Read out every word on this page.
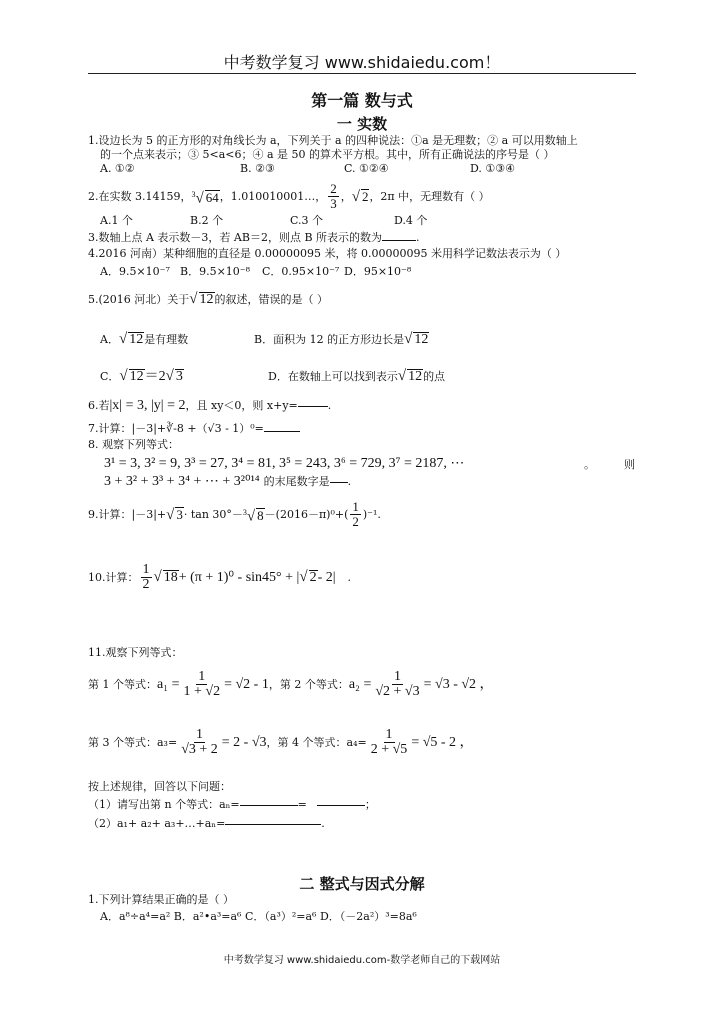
中考数学复习 www.shidaiedu.com！
第一篇 数与式
一 实数
1.设边长为 5 的正方形的对角线长为 a，下列关于 a 的四种说法：①a 是无理数；② a 可以用数轴上
的一个点来表示；③ 5<a<6；④ a 是 50 的算术平方根。其中，所有正确说法的序号是（ ）
A. ①②	B. ②③	C. ①②④	D. ①③④
2.在实数 3.14159， $^3$√ 64 ，1.010010001…， $\frac{2}{3}$ ， √ 2 ，2π 中，无理数有（ ）
A.1 个	B.2 个	C.3 个	D.4 个
3.数轴上点 A 表示数－3，若 AB＝2，则点 B 所表示的数为	.
4.2016 河南）某种细胞的直径是 0.00000095 米，将 0.00000095 米用科学记数法表示为（ ）
A．9.5×10⁻⁷ B．9.5×10⁻⁸ C．0.95×10⁻⁷ D．95×10⁻⁸
5.(2016 河北）关于 √ 12 的叙述，错误的是（ ）
A． √ 12 是有理数	B．面积为 12 的正方形边长是 √ 12
C． √ 12 ＝2 √ 3	D．在数轴上可以找到表示 √ 12 的点
6.若 |x| = 3, |y| = 2 ，且 xy＜0，则 x+y=	.
7.计算：|－3|+∛-8 +（√3 - 1）⁰=
8. 观察下列等式：
3¹ = 3, 3² = 9, 3³ = 27, 3⁴ = 81, 3⁵ = 243, 3⁶ = 729, 3⁷ = 2187, ⋯	。	则
3 + 3² + 3³ + 3⁴ + ⋯ + 3²⁰¹⁴ 的末尾数字是 .
9.计算：|－3|+ √ 3 · tan 30°－ $^3$√ $8 -(2016-\pi)^0+( \frac{1}{2} )^{-1}$.
10.计算： $\frac{1}{2}$ √ 18 + (π + 1)⁰ - sin45° + | √ 2 - 2| .
11.观察下列等式：
第 1 个等式： $a_1 = \frac{1}{1 + √2} = √2 - 1$ ，第 2 个等式： $a_2 = \frac{1}{√2 + √3} = √3 - √2$ ，
第 3 个等式： $a_3= \frac{1}{√3 + 2} = 2 - √3$ ，第 4 个等式： $a_4= \frac{1}{2 + √5} = √5 - 2$ ，
按上述规律，回答以下问题：
（1）请写出第 n 个等式：aₙ=	=	；
（2）a₁+ a₂+ a₃+…+aₙ=	.
二 整式与因式分解
1.下列计算结果正确的是（ ）
A．a⁸÷a⁴=a² B．a²•a³=a⁶ C．（a³）²=a⁶ D．（－2a²）³=8a⁶
中考数学复习 www.shidaiedu.com-数学老师自己的下载网站
